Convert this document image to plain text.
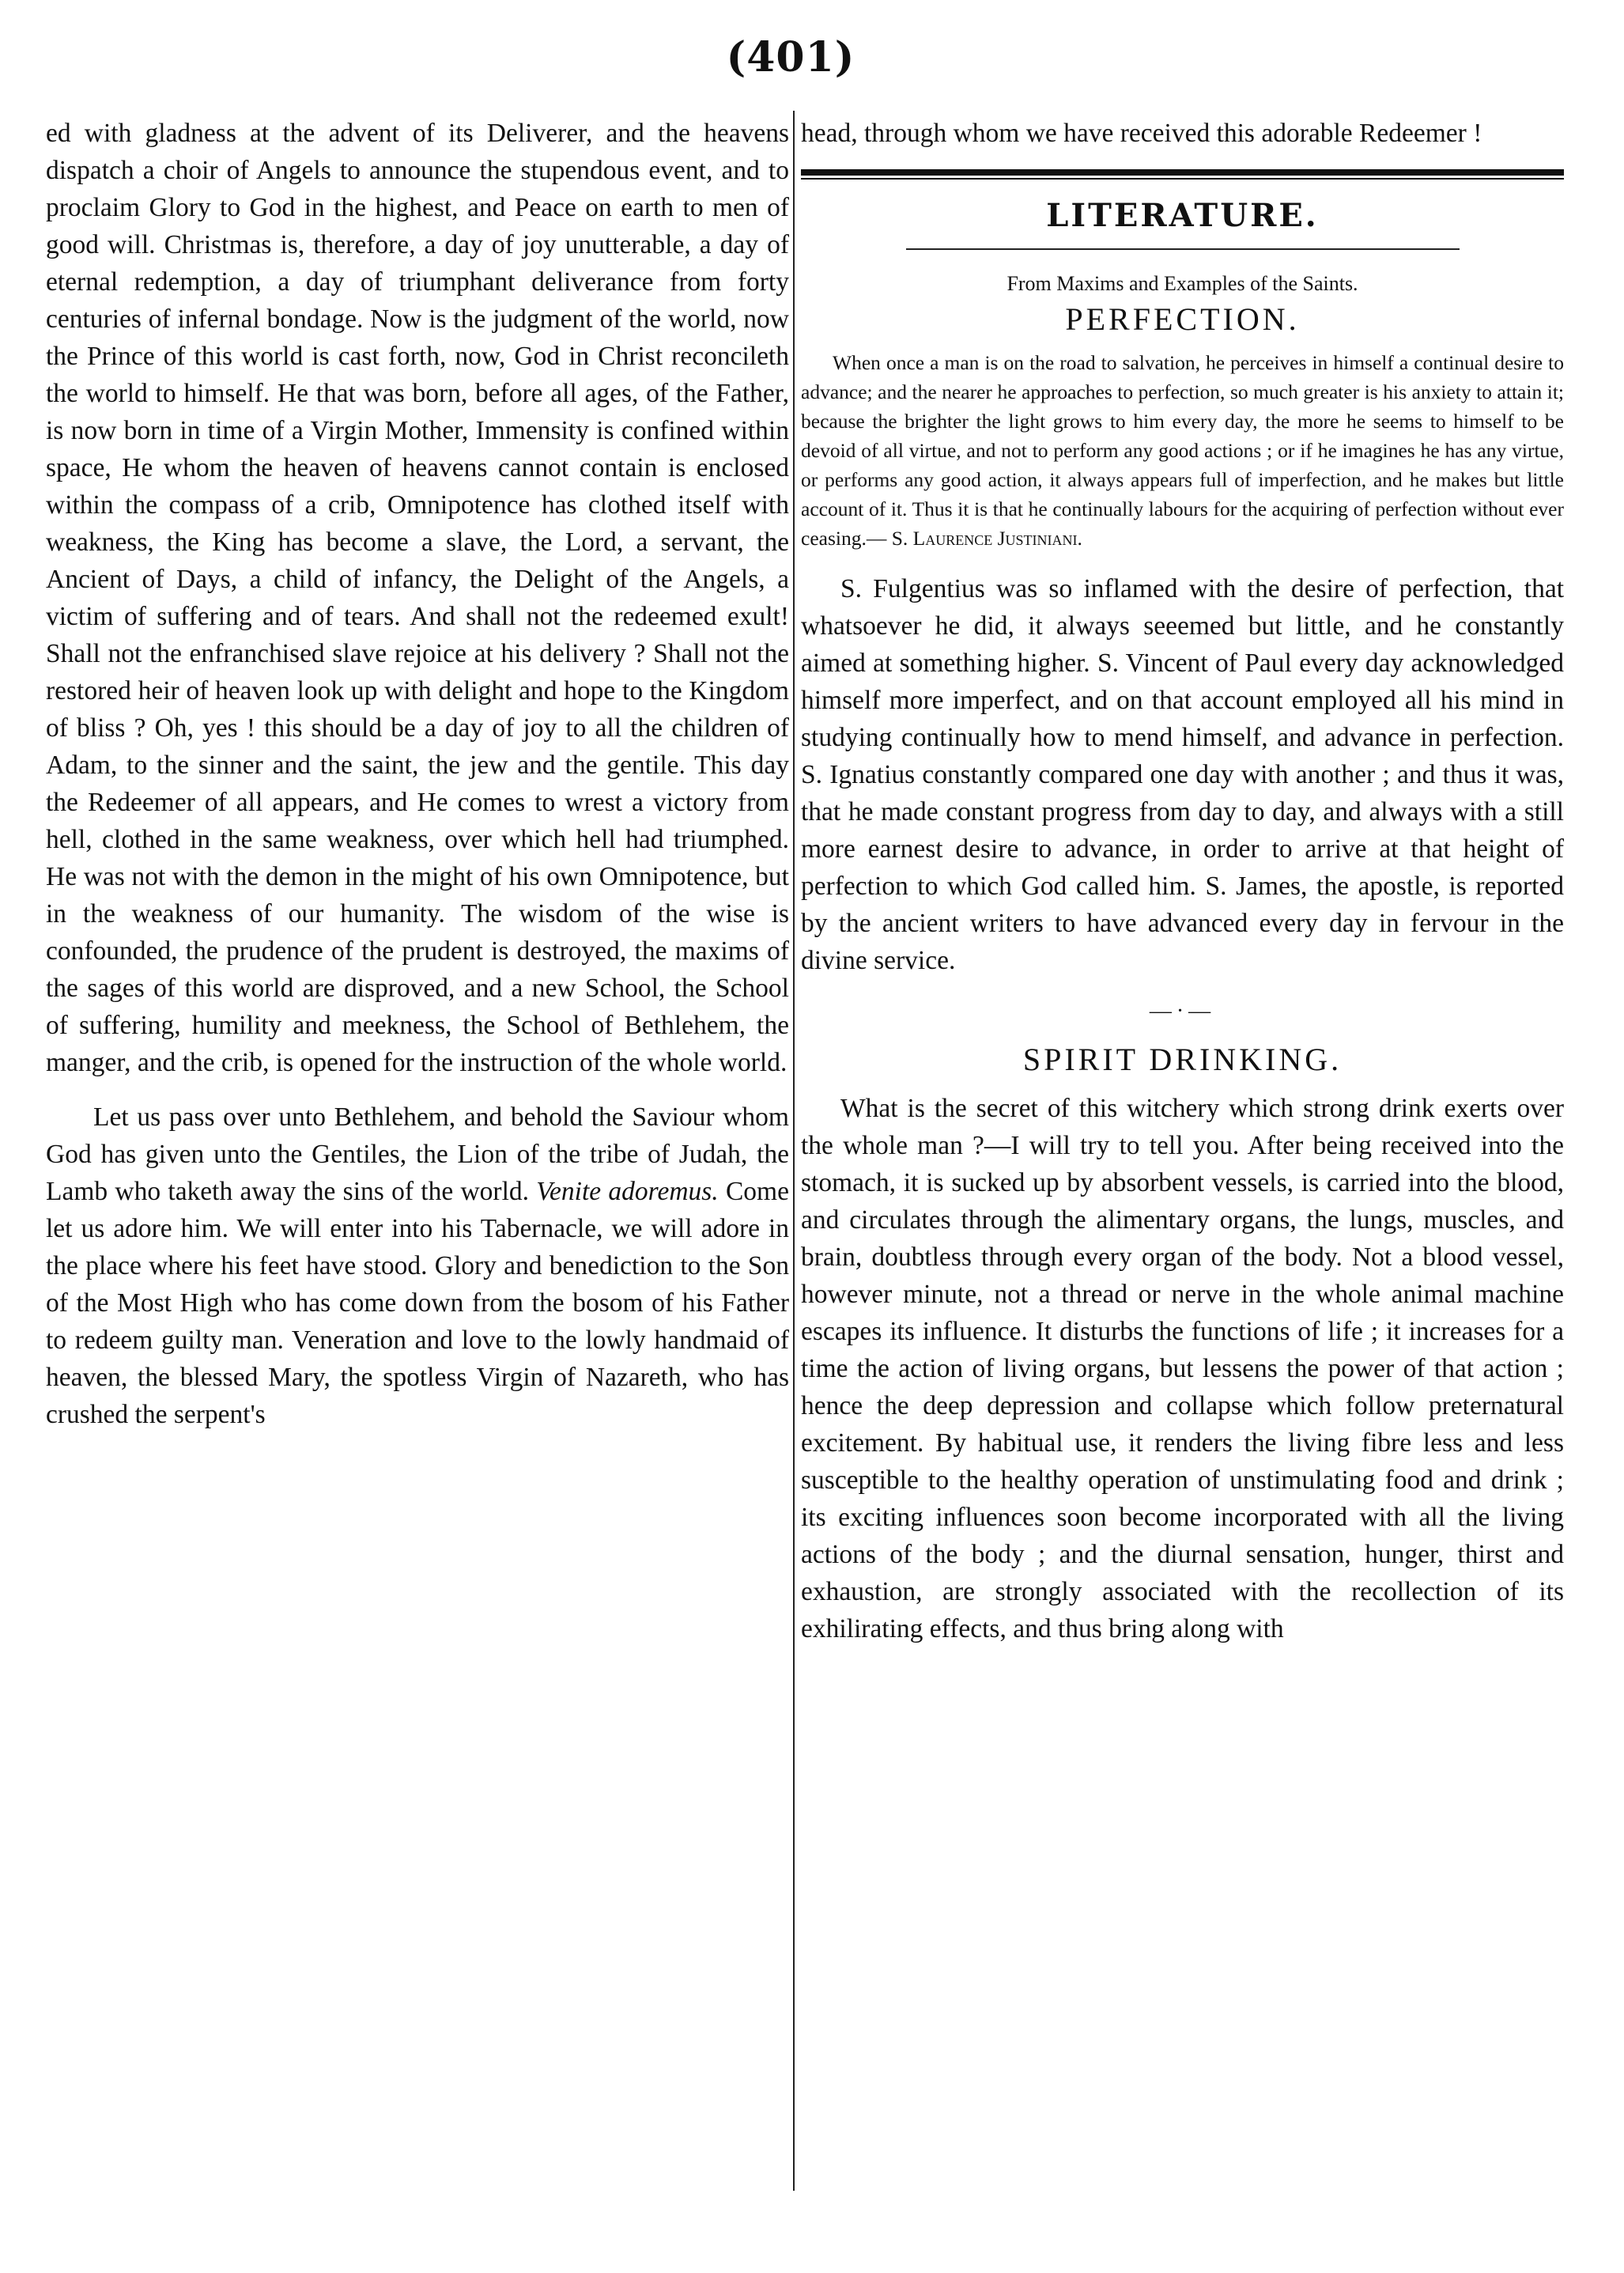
(401)

ed with gladness at the advent of its Deliverer, and the heavens dispatch a choir of Angels to announce the stupendous event, and to proclaim Glory to God in the highest, and Peace on earth to men of good will. Christmas is, therefore, a day of joy unutterable, a day of eternal redemption, a day of triumphant deliverance from forty centuries of infernal bondage. Now is the judgment of the world, now the Prince of this world is cast forth, now, God in Christ reconcileth the world to himself. He that was born, before all ages, of the Father, is now born in time of a Virgin Mother, Immensity is confined within space, He whom the heaven of heavens cannot contain is enclosed within the compass of a crib, Omnipotence has clothed itself with weakness, the King has become a slave, the Lord, a servant, the Ancient of Days, a child of infancy, the Delight of the Angels, a victim of suffering and of tears. And shall not the redeemed exult! Shall not the enfranchised slave rejoice at his delivery ? Shall not the restored heir of heaven look up with delight and hope to the Kingdom of bliss ? Oh, yes ! this should be a day of joy to all the children of Adam, to the sinner and the saint, the jew and the gentile. This day the Redeemer of all appears, and He comes to wrest a victory from hell, clothed in the same weakness, over which hell had triumphed. He was not with the demon in the might of his own Omnipotence, but in the weakness of our humanity. The wisdom of the wise is confounded, the prudence of the prudent is destroyed, the maxims of the sages of this world are disproved, and a new School, the School of suffering, humility and meekness, the School of Bethlehem, the manger, and the crib, is opened for the instruction of the whole world.

Let us pass over unto Bethlehem, and behold the Saviour whom God has given unto the Gentiles, the Lion of the tribe of Judah, the Lamb who taketh away the sins of the world. Venite adoremus. Come let us adore him. We will enter into his Tabernacle, we will adore in the place where his feet have stood. Glory and benediction to the Son of the Most High who has come down from the bosom of his Father to redeem guilty man. Veneration and love to the lowly handmaid of heaven, the blessed Mary, the spotless Virgin of Nazareth, who has crushed the serpent's

head, through whom we have received this adorable Redeemer !

LITERATURE.
From Maxims and Examples of the Saints.
PERFECTION.

When once a man is on the road to salvation, he perceives in himself a continual desire to advance; and the nearer he approaches to perfection, so much greater is his anxiety to attain it; because the brighter the light grows to him every day, the more he seems to himself to be devoid of all virtue, and not to perform any good actions ; or if he imagines he has any virtue, or performs any good action, it always appears full of imperfection, and he makes but little account of it. Thus it is that he continually labours for the acquiring of perfection without ever ceasing.— S. Laurence Justiniani.

S. Fulgentius was so inflamed with the desire of perfection, that whatsoever he did, it always seeemed but little, and he constantly aimed at something higher. S. Vincent of Paul every day acknowledged himself more imperfect, and on that account employed all his mind in studying continually how to mend himself, and advance in perfection. S. Ignatius constantly compared one day with another ; and thus it was, that he made constant progress from day to day, and always with a still more earnest desire to advance, in order to arrive at that height of perfection to which God called him. S. James, the apostle, is reported by the ancient writers to have advanced every day in fervour in the divine service.

—·—
SPIRIT DRINKING.

What is the secret of this witchery which strong drink exerts over the whole man ?—I will try to tell you. After being received into the stomach, it is sucked up by absorbent vessels, is carried into the blood, and circulates through the alimentary organs, the lungs, muscles, and brain, doubtless through every organ of the body. Not a blood vessel, however minute, not a thread or nerve in the whole animal machine escapes its influence. It disturbs the functions of life ; it increases for a time the action of living organs, but lessens the power of that action ; hence the deep depression and collapse which follow preternatural excitement. By habitual use, it renders the living fibre less and less susceptible to the healthy operation of unstimulating food and drink ; its exciting influences soon become incorporated with all the living actions of the body ; and the diurnal sensation, hunger, thirst and exhaustion, are strongly associated with the recollection of its exhilirating effects, and thus bring along with
